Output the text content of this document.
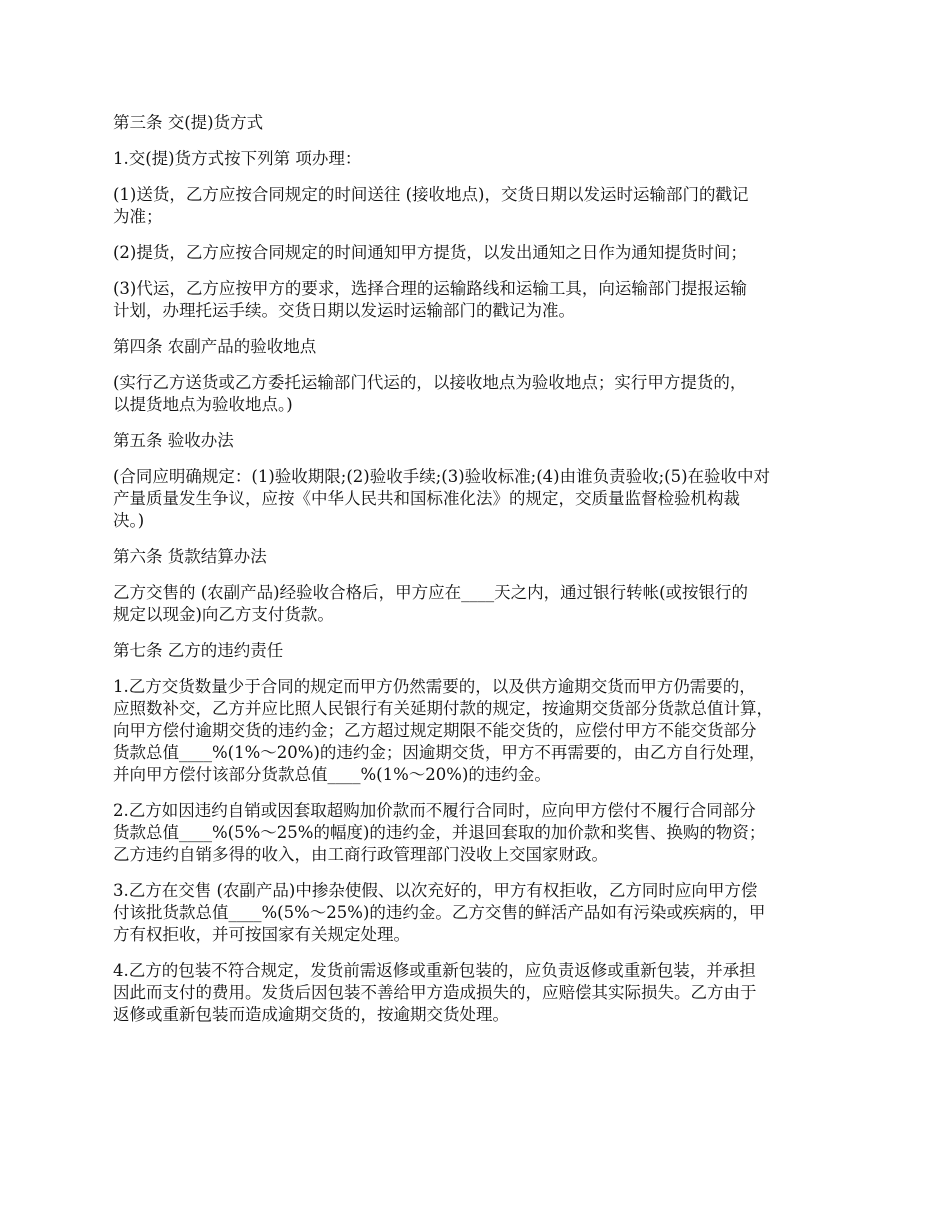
第三条 交(提)货方式

1.交(提)货方式按下列第 项办理：

(1)送货，乙方应按合同规定的时间送往 (接收地点)，交货日期以发运时运输部门的戳记
为准；

(2)提货，乙方应按合同规定的时间通知甲方提货，以发出通知之日作为通知提货时间；

(3)代运，乙方应按甲方的要求，选择合理的运输路线和运输工具，向运输部门提报运输
计划，办理托运手续。交货日期以发运时运输部门的戳记为准。

第四条 农副产品的验收地点

(实行乙方送货或乙方委托运输部门代运的，以接收地点为验收地点；实行甲方提货的，
以提货地点为验收地点。)

第五条 验收办法

(合同应明确规定：(1)验收期限;(2)验收手续;(3)验收标准;(4)由谁负责验收;(5)在验收中对
产量质量发生争议，应按《中华人民共和国标准化法》的规定，交质量监督检验机构裁
决。)

第六条 货款结算办法

乙方交售的 (农副产品)经验收合格后，甲方应在____天之内，通过银行转帐(或按银行的
规定以现金)向乙方支付货款。

第七条 乙方的违约责任

1.乙方交货数量少于合同的规定而甲方仍然需要的，以及供方逾期交货而甲方仍需要的，
应照数补交，乙方并应比照人民银行有关延期付款的规定，按逾期交货部分货款总值计算，
向甲方偿付逾期交货的违约金；乙方超过规定期限不能交货的，应偿付甲方不能交货部分
货款总值____%(1%～20%)的违约金；因逾期交货，甲方不再需要的，由乙方自行处理，
并向甲方偿付该部分货款总值____%(1%～20%)的违约金。

2.乙方如因违约自销或因套取超购加价款而不履行合同时，应向甲方偿付不履行合同部分
货款总值____%(5%～25%的幅度)的违约金，并退回套取的加价款和奖售、换购的物资；
乙方违约自销多得的收入，由工商行政管理部门没收上交国家财政。

3.乙方在交售 (农副产品)中掺杂使假、以次充好的，甲方有权拒收，乙方同时应向甲方偿
付该批货款总值____%(5%～25%)的违约金。乙方交售的鲜活产品如有污染或疾病的，甲
方有权拒收，并可按国家有关规定处理。

4.乙方的包装不符合规定，发货前需返修或重新包装的，应负责返修或重新包装，并承担
因此而支付的费用。发货后因包装不善给甲方造成损失的，应赔偿其实际损失。乙方由于
返修或重新包装而造成逾期交货的，按逾期交货处理。
